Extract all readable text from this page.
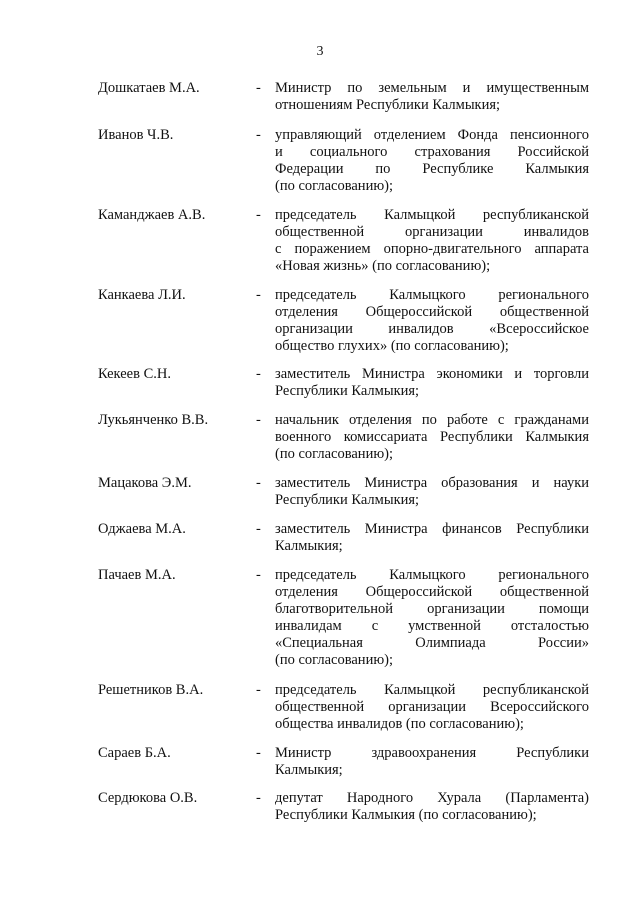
3
Дошкатаев М.А.	- Министр по земельным и имущественным
отношениям Республики Калмыкия;
Иванов Ч.В.	- управляющий отделением Фонда пенсионного
и социального страхования Российской
Федерации по Республике Калмыкия
(по согласованию);
Каманджаев А.В.	- председатель Калмыцкой республиканской
общественной организации инвалидов
с поражением опорно-двигательного аппарата
«Новая жизнь» (по согласованию);
Канкаева Л.И.	- председатель Калмыцкого регионального
отделения Общероссийской общественной
организации инвалидов «Всероссийское
общество глухих» (по согласованию);
Кекеев С.Н.	- заместитель Министра экономики и торговли
Республики Калмыкия;
Лукьянченко В.В.	- начальник отделения по работе с гражданами
военного комиссариата Республики Калмыкия
(по согласованию);
Мацакова Э.М.	- заместитель Министра образования и науки
Республики Калмыкия;
Оджаева М.А.	- заместитель Министра финансов Республики
Калмыкия;
Пачаев М.А.	- председатель Калмыцкого регионального
отделения Общероссийской общественной
благотворительной организации помощи
инвалидам с умственной отсталостью
«Специальная Олимпиада России»
(по согласованию);
Решетников В.А.	- председатель Калмыцкой республиканской
общественной организации Всероссийского
общества инвалидов (по согласованию);
Сараев Б.А.	- Министр здравоохранения Республики
Калмыкия;
Сердюкова О.В.	- депутат Народного Хурала (Парламента)
Республики Калмыкия (по согласованию);
